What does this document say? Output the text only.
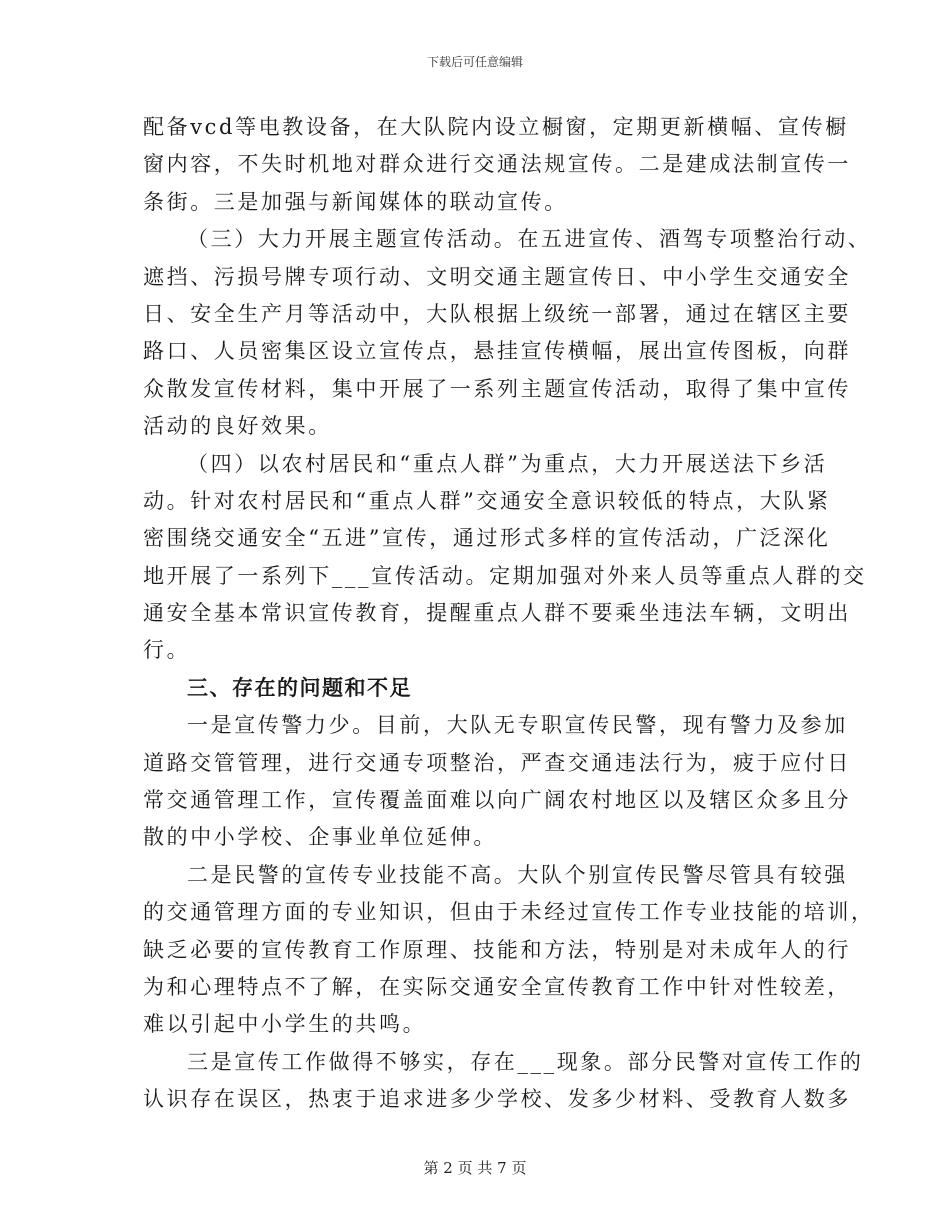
下载后可任意编辑
配备vcd等电教设备，在大队院内设立橱窗，定期更新横幅、宣传橱
窗内容，不失时机地对群众进行交通法规宣传。二是建成法制宣传一
条街。三是加强与新闻媒体的联动宣传。
（三）大力开展主题宣传活动。在五进宣传、酒驾专项整治行动、
遮挡、污损号牌专项行动、文明交通主题宣传日、中小学生交通安全
日、安全生产月等活动中，大队根据上级统一部署，通过在辖区主要
路口、人员密集区设立宣传点，悬挂宣传横幅，展出宣传图板，向群
众散发宣传材料，集中开展了一系列主题宣传活动，取得了集中宣传
活动的良好效果。
（四）以农村居民和“重点人群”为重点，大力开展送法下乡活
动。针对农村居民和“重点人群”交通安全意识较低的特点，大队紧
密围绕交通安全“五进”宣传，通过形式多样的宣传活动，广泛深化
地开展了一系列下___宣传活动。定期加强对外来人员等重点人群的交
通安全基本常识宣传教育，提醒重点人群不要乘坐违法车辆，文明出
行。
三、存在的问题和不足
一是宣传警力少。目前，大队无专职宣传民警，现有警力及参加
道路交管管理，进行交通专项整治，严查交通违法行为，疲于应付日
常交通管理工作，宣传覆盖面难以向广阔农村地区以及辖区众多且分
散的中小学校、企事业单位延伸。
二是民警的宣传专业技能不高。大队个别宣传民警尽管具有较强
的交通管理方面的专业知识，但由于未经过宣传工作专业技能的培训，
缺乏必要的宣传教育工作原理、技能和方法，特别是对未成年人的行
为和心理特点不了解，在实际交通安全宣传教育工作中针对性较差，
难以引起中小学生的共鸣。
三是宣传工作做得不够实，存在___现象。部分民警对宣传工作的
认识存在误区，热衷于追求进多少学校、发多少材料、受教育人数多
第 2 页 共 7 页
